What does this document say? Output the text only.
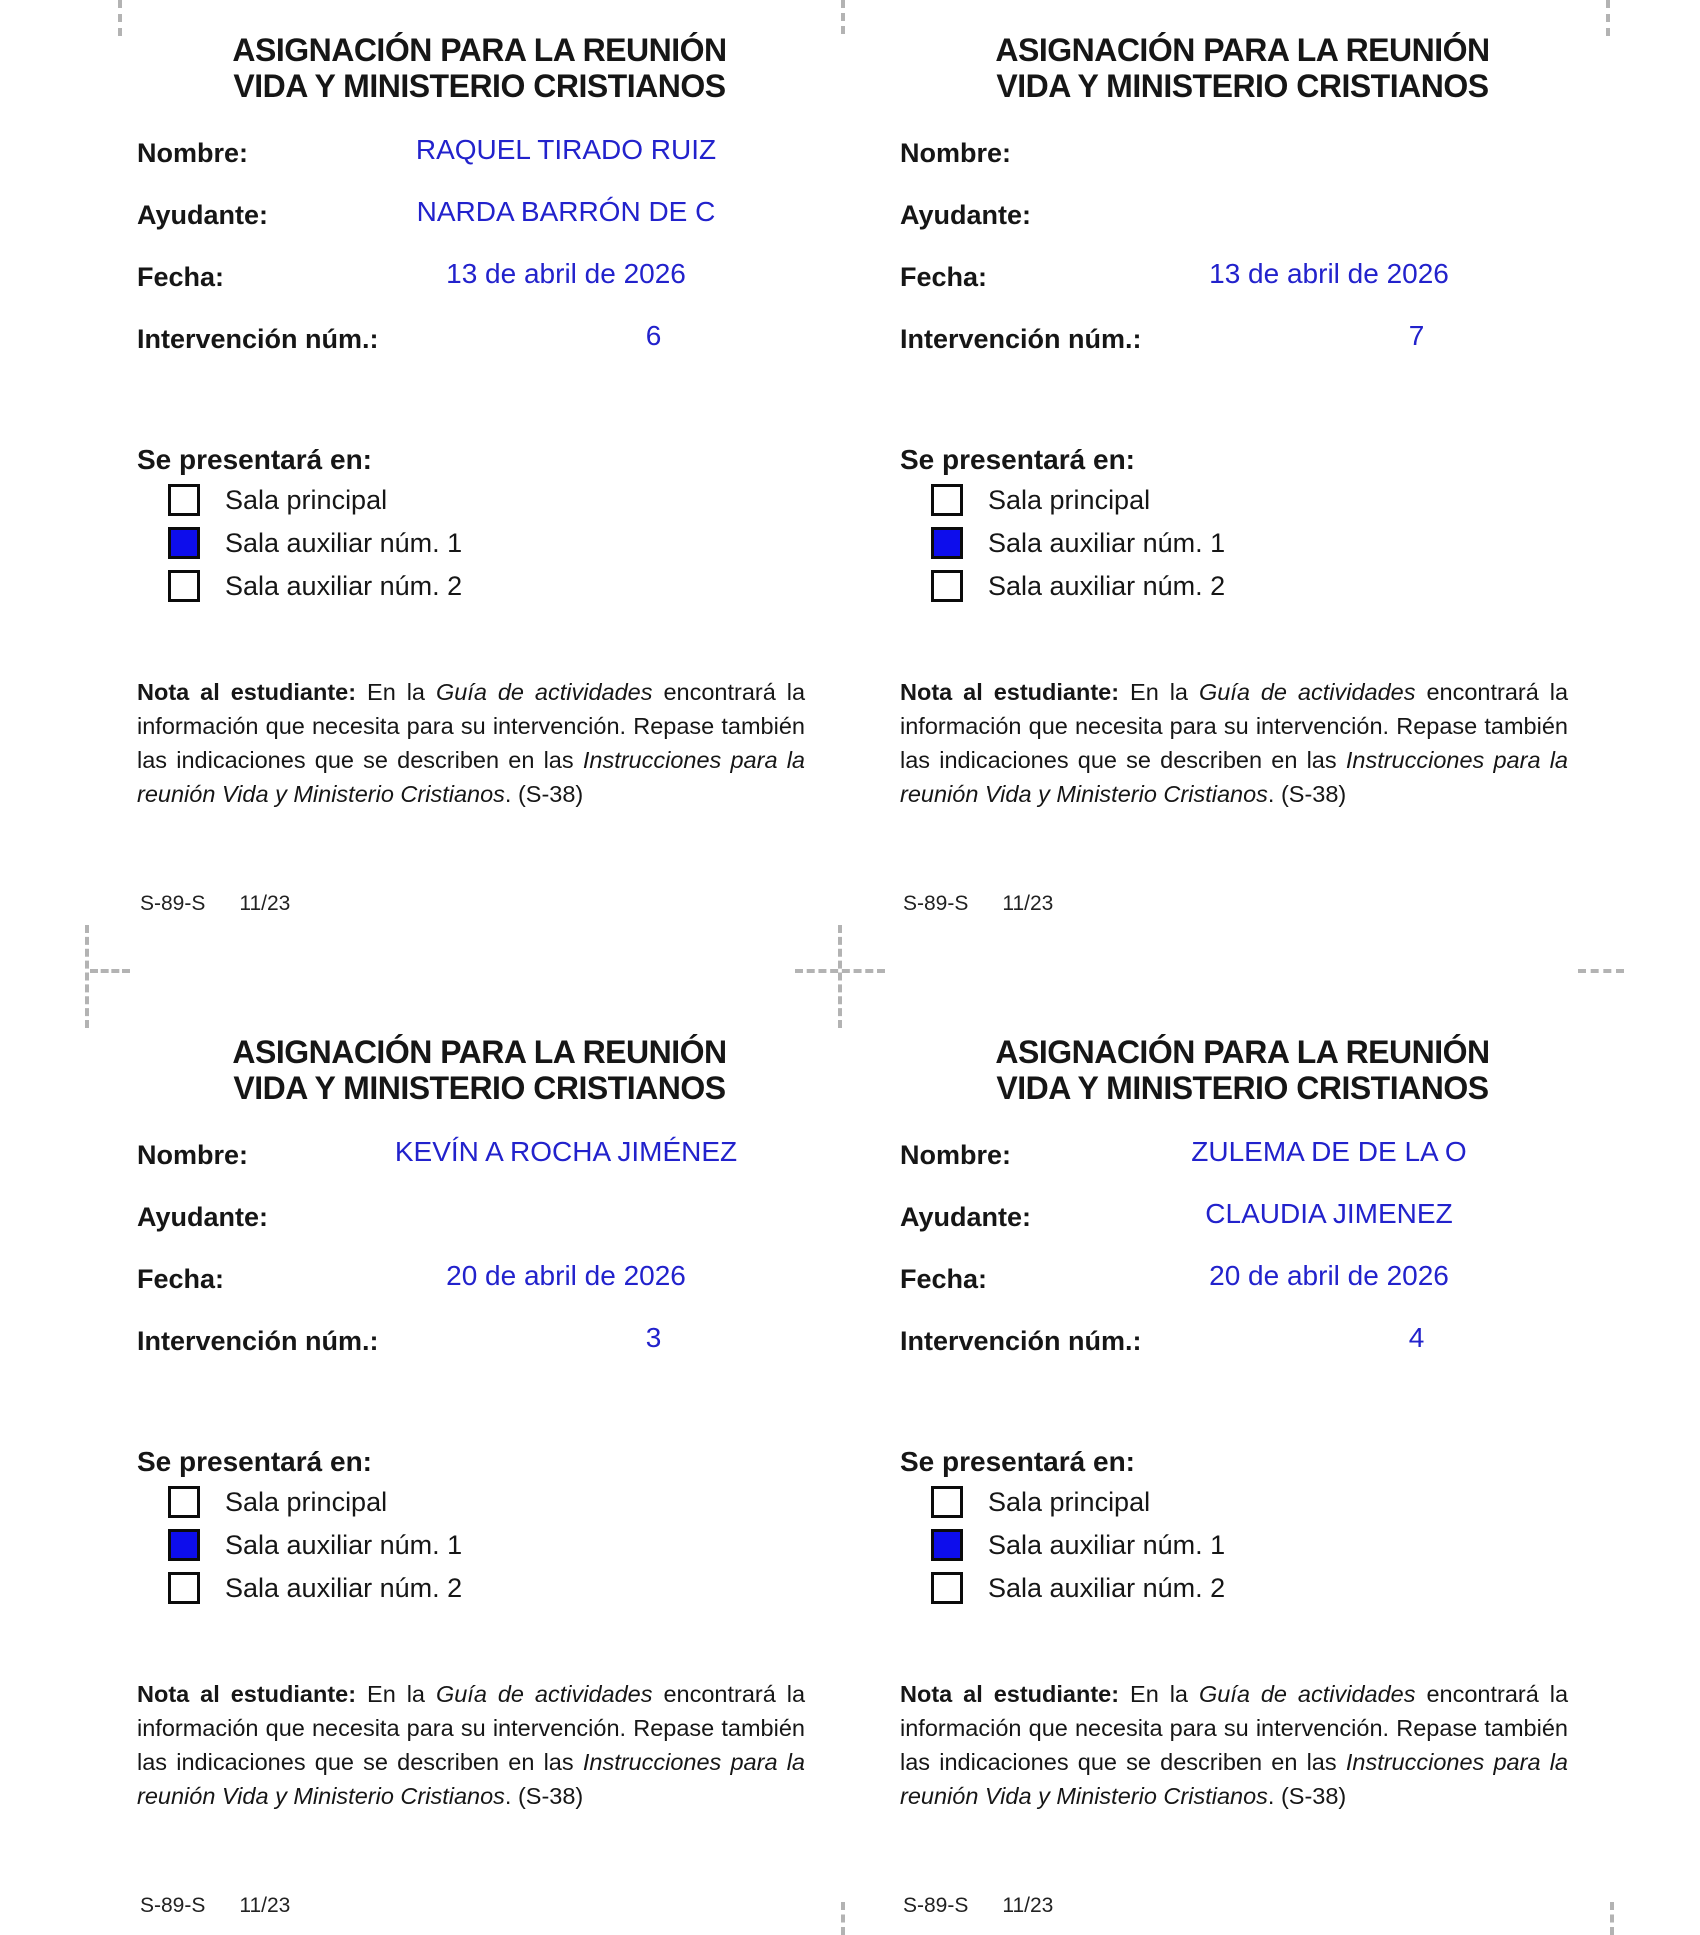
ASIGNACIÓN PARA LA REUNIÓN
VIDA Y MINISTERIO CRISTIANOS
Nombre:	RAQUEL TIRADO RUIZ
Ayudante:	NARDA BARRÓN DE C
Fecha:	13 de abril de 2026
Intervención núm.:	6
Se presentará en:
Sala principal
Sala auxiliar núm. 1
Sala auxiliar núm. 2

Nota al estudiante: En la Guía de actividades encontrará la información que necesita para su intervención. Repase también las indicaciones que se describen en las Instrucciones para la reunión Vida y Ministerio Cristianos. (S-38)

S-89-S 11/23
ASIGNACIÓN PARA LA REUNIÓN
VIDA Y MINISTERIO CRISTIANOS
Nombre:
Ayudante:
Fecha:	13 de abril de 2026
Intervención núm.:	7
Se presentará en:
Sala principal
Sala auxiliar núm. 1
Sala auxiliar núm. 2

Nota al estudiante: En la Guía de actividades encontrará la información que necesita para su intervención. Repase también las indicaciones que se describen en las Instrucciones para la reunión Vida y Ministerio Cristianos. (S-38)

S-89-S 11/23
ASIGNACIÓN PARA LA REUNIÓN
VIDA Y MINISTERIO CRISTIANOS
Nombre:	KEVÍN A ROCHA JIMÉNEZ
Ayudante:
Fecha:	20 de abril de 2026
Intervención núm.:	3
Se presentará en:
Sala principal
Sala auxiliar núm. 1
Sala auxiliar núm. 2

Nota al estudiante: En la Guía de actividades encontrará la información que necesita para su intervención. Repase también las indicaciones que se describen en las Instrucciones para la reunión Vida y Ministerio Cristianos. (S-38)

S-89-S 11/23
ASIGNACIÓN PARA LA REUNIÓN
VIDA Y MINISTERIO CRISTIANOS
Nombre:	ZULEMA DE DE LA O
Ayudante:	CLAUDIA JIMENEZ
Fecha:	20 de abril de 2026
Intervención núm.:	4
Se presentará en:
Sala principal
Sala auxiliar núm. 1
Sala auxiliar núm. 2

Nota al estudiante: En la Guía de actividades encontrará la información que necesita para su intervención. Repase también las indicaciones que se describen en las Instrucciones para la reunión Vida y Ministerio Cristianos. (S-38)

S-89-S 11/23
